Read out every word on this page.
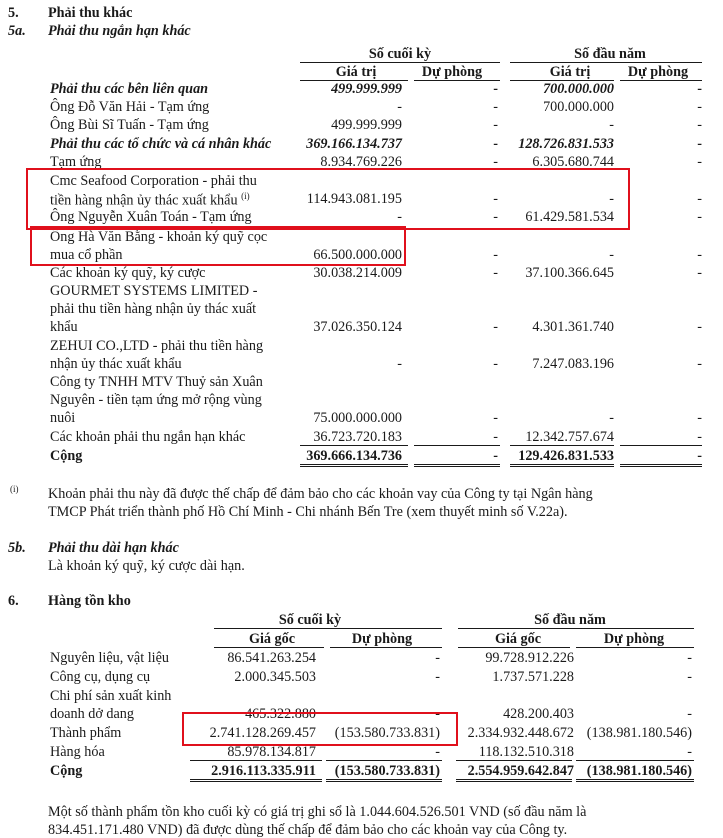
5. Phải thu khác
5a. Phải thu ngắn hạn khác
Số cuối kỳ	Số đầu năm
Giá trị	Dự phòng	Giá trị	Dự phòng
Phải thu các bên liên quan	499.999.999	-	700.000.000	-
Ông Đỗ Văn Hải - Tạm ứng	-	-	700.000.000	-
Ông Bùi Sĩ Tuấn - Tạm ứng	499.999.999	-	-	-
Phải thu các tổ chức và cá nhân khác	369.166.134.737	-	128.726.831.533	-
Tạm ứng	8.934.769.226	-	6.305.680.744	-
Cmc Seafood Corporation - phải thu
tiền hàng nhận ủy thác xuất khẩu $^{(i)}$	114.943.081.195	-	-	-
Ông Nguyễn Xuân Toán - Tạm ứng	-	-	61.429.581.534	-
Ông Hà Văn Bằng - khoản ký quỹ cọc
mua cổ phần	66.500.000.000	-	-	-
Các khoản ký quỹ, ký cược	30.038.214.009	-	37.100.366.645	-
GOURMET SYSTEMS LIMITED -
phải thu tiền hàng nhận ủy thác xuất
khẩu	37.026.350.124	-	4.301.361.740	-
ZEHUI CO.,LTD - phải thu tiền hàng
nhận ủy thác xuất khẩu	-	-	7.247.083.196	-
Công ty TNHH MTV Thuỷ sản Xuân
Nguyên - tiền tạm ứng mở rộng vùng
nuôi	75.000.000.000	-	-	-
Các khoản phải thu ngắn hạn khác	36.723.720.183	-	12.342.757.674	-
Cộng	369.666.134.736	-	129.426.831.533	-
(i) Khoản phải thu này đã được thế chấp để đảm bảo cho các khoản vay của Công ty tại Ngân hàng
TMCP Phát triển thành phố Hồ Chí Minh - Chi nhánh Bến Tre (xem thuyết minh số V.22a).
5b. Phải thu dài hạn khác
Là khoản ký quỹ, ký cược dài hạn.
6. Hàng tồn kho
Số cuối kỳ	Số đầu năm
Giá gốc	Dự phòng	Giá gốc	Dự phòng
Nguyên liệu, vật liệu	86.541.263.254	-	99.728.912.226	-
Công cụ, dụng cụ	2.000.345.503	-	1.737.571.228	-
Chi phí sản xuất kinh
doanh dở dang	465.322.880	-	428.200.403	-
Thành phẩm	2.741.128.269.457	(153.580.733.831)	2.334.932.448.672 (138.981.180.546)
Hàng hóa	85.978.134.817	-	118.132.510.318	-
Cộng	2.916.113.335.911	(153.580.733.831)	2.554.959.642.847 (138.981.180.546)
Một số thành phẩm tồn kho cuối kỳ có giá trị ghi sổ là 1.044.604.526.501 VND (số đầu năm là
834.451.171.480 VND) đã được dùng thế chấp để đảm bảo cho các khoản vay của Công ty.
